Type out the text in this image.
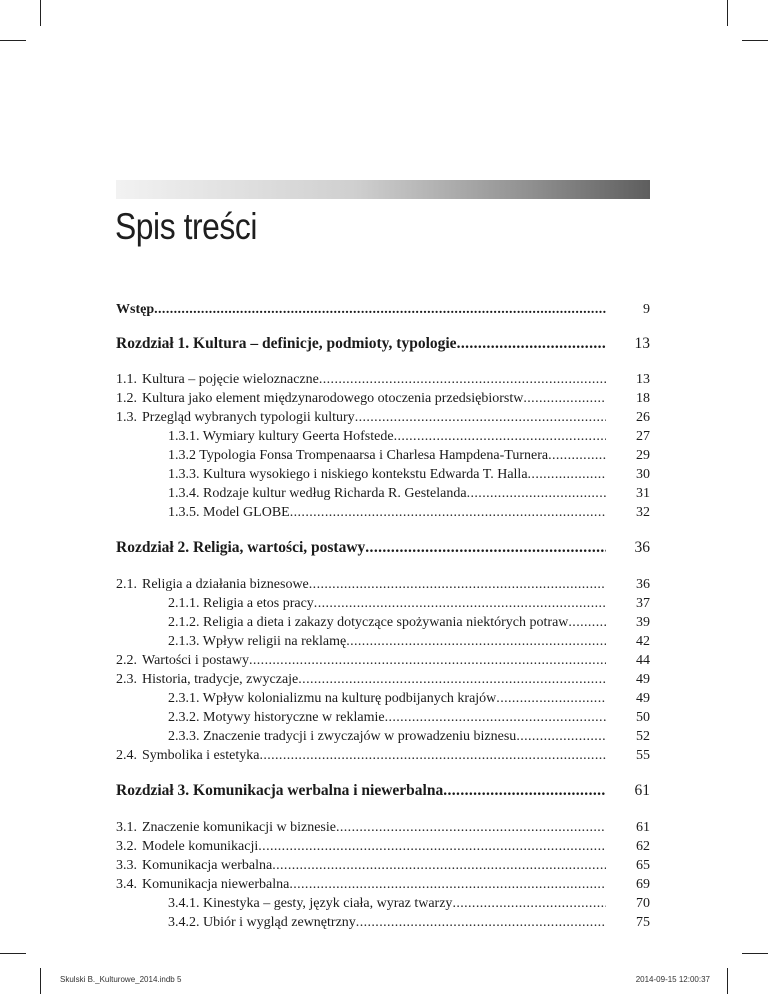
Spis treści
Wstęp .....	9
Rozdział 1. Kultura – definicje, podmioty, typologie .....	13
1.1. Kultura – pojęcie wieloznaczne .....	13
1.2. Kultura jako element międzynarodowego otoczenia przedsiębiorstw .....	18
1.3. Przegląd wybranych typologii kultury .....	26
1.3.1. Wymiary kultury Geerta Hofstede .....	27
1.3.2 Typologia Fonsa Trompenaarsa i Charlesa Hampdena-Turnera .....	29
1.3.3. Kultura wysokiego i niskiego kontekstu Edwarda T. Halla .....	30
1.3.4. Rodzaje kultur według Richarda R. Gestelanda .....	31
1.3.5. Model GLOBE .....	32
Rozdział 2. Religia, wartości, postawy .....	36
2.1. Religia a działania biznesowe .....	36
2.1.1. Religia a etos pracy .....	37
2.1.2. Religia a dieta i zakazy dotyczące spożywania niektórych potraw .....	39
2.1.3. Wpływ religii na reklamę .....	42
2.2. Wartości i postawy .....	44
2.3. Historia, tradycje, zwyczaje .....	49
2.3.1. Wpływ kolonializmu na kulturę podbijanych krajów .....	49
2.3.2. Motywy historyczne w reklamie .....	50
2.3.3. Znaczenie tradycji i zwyczajów w prowadzeniu biznesu .....	52
2.4. Symbolika i estetyka .....	55
Rozdział 3. Komunikacja werbalna i niewerbalna .....	61
3.1. Znaczenie komunikacji w biznesie .....	61
3.2. Modele komunikacji .....	62
3.3. Komunikacja werbalna .....	65
3.4. Komunikacja niewerbalna .....	69
3.4.1. Kinestyka – gesty, język ciała, wyraz twarzy .....	70
3.4.2. Ubiór i wygląd zewnętrzny .....	75
Skulski B._Kulturowe_2014.indb 5	2014-09-15 12:00:37
